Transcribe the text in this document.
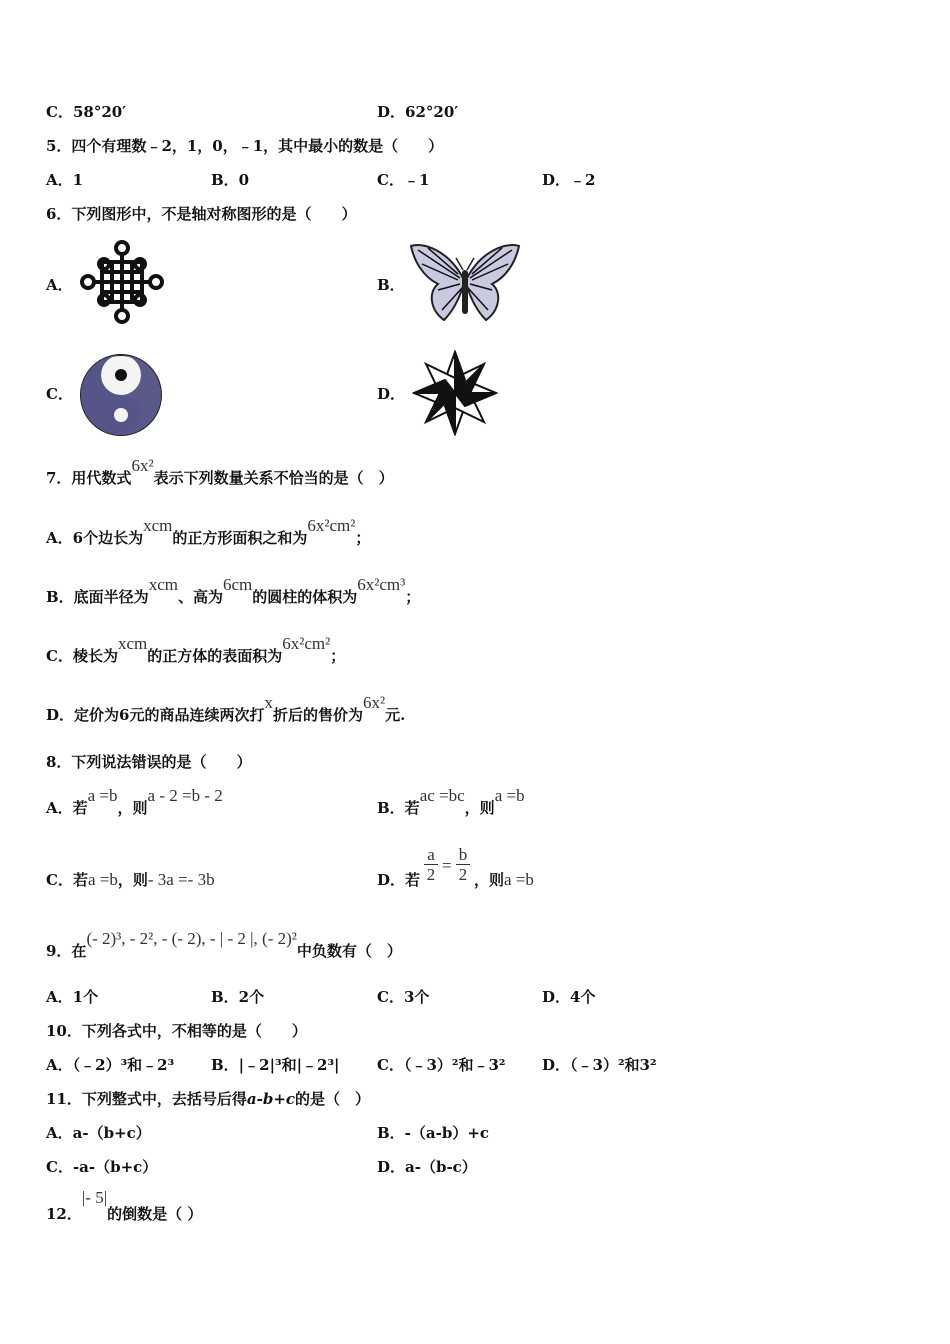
C．58°20′	D．62°20′
5．四个有理数﹣2，1，0，﹣1，其中最小的数是（　　）
A．1	B．0	C．﹣1	D．﹣2
6．下列图形中，不是轴对称图形的是（　　）
A．	B．
C．	D．
7．用代数式6x²表示下列数量关系不恰当的是（　）
A．6个边长为xcm的正方形面积之和为6x²cm²；
B．底面半径为xcm、高为6cm的圆柱的体积为6x²cm³；
C．棱长为xcm的正方体的表面积为6x²cm²；
D．定价为6元的商品连续两次打x折后的售价为6x²元.
8．下列说法错误的是（　　）
A．若a =b，则a - 2 =b - 2
B．若ac =bc，则a =b
C．若a =b，则- 3a =- 3b	D．若 $\frac{a}{2} = \frac{b}{2}$ ，则a =b
9．在(- 2)³, - 2², - (- 2), - | - 2 |, (- 2)²中负数有（　）
A．1个	B．2个	C．3个	D．4个
10．下列各式中，不相等的是（　　）
A．（﹣2）³和﹣2³ B．|﹣2|³和|﹣2³| C．（﹣3）²和﹣3² D．（﹣3）²和3²
11．下列整式中，去括号后得a-b+c的是（　）
A．a-（b+c）	B．-（a-b）+c
C．-a-（b+c）	D．a-（b-c）
12．|- 5|的倒数是（ ）
